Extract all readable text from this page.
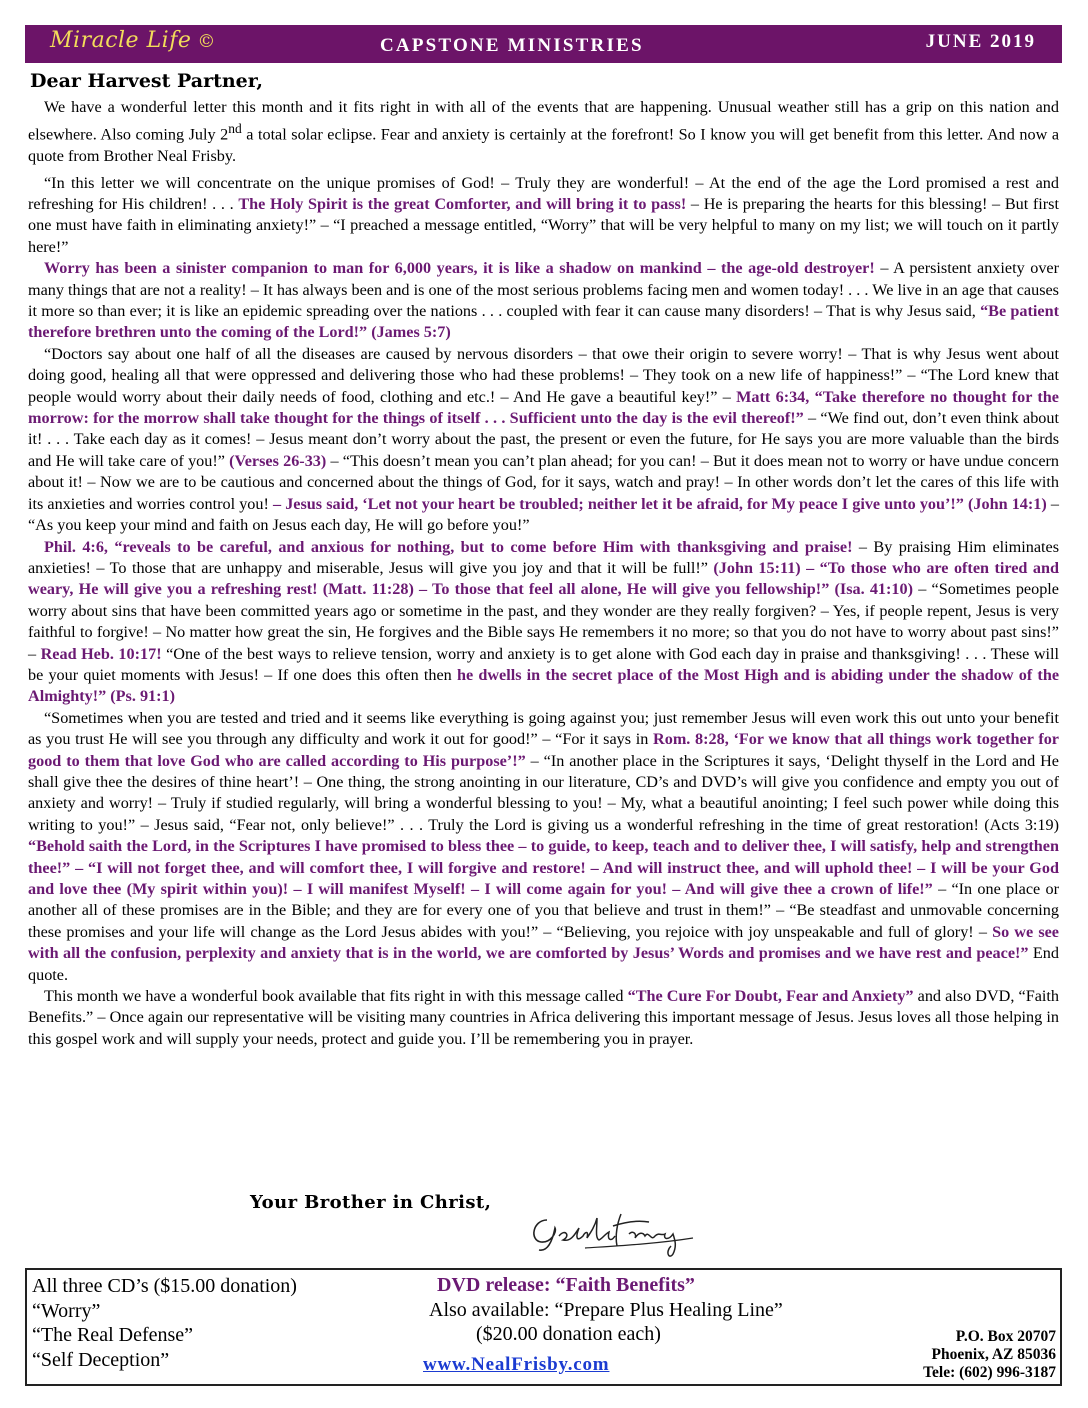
Miracle Life ©	CAPSTONE MINISTRIES	JUNE 2019
Dear Harvest Partner,

We have a wonderful letter this month and it fits right in with all of the events that are happening. Unusual weather still has a grip on this nation and elsewhere. Also coming July 2nd a total solar eclipse. Fear and anxiety is certainly at the forefront! So I know you will get benefit from this letter. And now a quote from Brother Neal Frisby.

“In this letter we will concentrate on the unique promises of God! – Truly they are wonderful! – At the end of the age the Lord promised a rest and refreshing for His children! . . . The Holy Spirit is the great Comforter, and will bring it to pass! – He is preparing the hearts for this blessing! – But first one must have faith in eliminating anxiety!” – “I preached a message entitled, “Worry” that will be very helpful to many on my list; we will touch on it partly here!”

Worry has been a sinister companion to man for 6,000 years, it is like a shadow on mankind – the age-old destroyer! – A persistent anxiety over many things that are not a reality! – It has always been and is one of the most serious problems facing men and women today! . . . We live in an age that causes it more so than ever; it is like an epidemic spreading over the nations . . . coupled with fear it can cause many disorders! – That is why Jesus said, “Be patient therefore brethren unto the coming of the Lord!” (James 5:7)

“Doctors say about one half of all the diseases are caused by nervous disorders – that owe their origin to severe worry! – That is why Jesus went about doing good, healing all that were oppressed and delivering those who had these problems! – They took on a new life of happiness!” – “The Lord knew that people would worry about their daily needs of food, clothing and etc.! – And He gave a beautiful key!” – Matt 6:34, “Take therefore no thought for the morrow: for the morrow shall take thought for the things of itself . . . Sufficient unto the day is the evil thereof!” – “We find out, don’t even think about it! . . . Take each day as it comes! – Jesus meant don’t worry about the past, the present or even the future, for He says you are more valuable than the birds and He will take care of you!” (Verses 26-33) – “This doesn’t mean you can’t plan ahead; for you can! – But it does mean not to worry or have undue concern about it! – Now we are to be cautious and concerned about the things of God, for it says, watch and pray! – In other words don’t let the cares of this life with its anxieties and worries control you! – Jesus said, ‘Let not your heart be troubled; neither let it be afraid, for My peace I give unto you’!” (John 14:1) – “As you keep your mind and faith on Jesus each day, He will go before you!”

Phil. 4:6, “reveals to be careful, and anxious for nothing, but to come before Him with thanksgiving and praise! – By praising Him eliminates anxieties! – To those that are unhappy and miserable, Jesus will give you joy and that it will be full!” (John 15:11) – “To those who are often tired and weary, He will give you a refreshing rest! (Matt. 11:28) – To those that feel all alone, He will give you fellowship!” (Isa. 41:10) – “Sometimes people worry about sins that have been committed years ago or sometime in the past, and they wonder are they really forgiven? – Yes, if people repent, Jesus is very faithful to forgive! – No matter how great the sin, He forgives and the Bible says He remembers it no more; so that you do not have to worry about past sins!” – Read Heb. 10:17! “One of the best ways to relieve tension, worry and anxiety is to get alone with God each day in praise and thanksgiving! . . . These will be your quiet moments with Jesus! – If one does this often then he dwells in the secret place of the Most High and is abiding under the shadow of the Almighty!” (Ps. 91:1)

“Sometimes when you are tested and tried and it seems like everything is going against you; just remember Jesus will even work this out unto your benefit as you trust He will see you through any difficulty and work it out for good!” – “For it says in Rom. 8:28, ‘For we know that all things work together for good to them that love God who are called according to His purpose’!” – “In another place in the Scriptures it says, ‘Delight thyself in the Lord and He shall give thee the desires of thine heart’! – One thing, the strong anointing in our literature, CD’s and DVD’s will give you confidence and empty you out of anxiety and worry! – Truly if studied regularly, will bring a wonderful blessing to you! – My, what a beautiful anointing; I feel such power while doing this writing to you!” – Jesus said, “Fear not, only believe!” . . . Truly the Lord is giving us a wonderful refreshing in the time of great restoration! (Acts 3:19) “Behold saith the Lord, in the Scriptures I have promised to bless thee – to guide, to keep, teach and to deliver thee, I will satisfy, help and strengthen thee!” – “I will not forget thee, and will comfort thee, I will forgive and restore! – And will instruct thee, and will uphold thee! – I will be your God and love thee (My spirit within you)! – I will manifest Myself! – I will come again for you! – And will give thee a crown of life!” – “In one place or another all of these promises are in the Bible; and they are for every one of you that believe and trust in them!” – “Be steadfast and unmovable concerning these promises and your life will change as the Lord Jesus abides with you!” – “Believing, you rejoice with joy unspeakable and full of glory! – So we see with all the confusion, perplexity and anxiety that is in the world, we are comforted by Jesus’ Words and promises and we have rest and peace!” End quote.

This month we have a wonderful book available that fits right in with this message called “The Cure For Doubt, Fear and Anxiety” and also DVD, “Faith Benefits.” – Once again our representative will be visiting many countries in Africa delivering this important message of Jesus. Jesus loves all those helping in this gospel work and will supply your needs, protect and guide you. I’ll be remembering you in prayer.

Your Brother in Christ,
All three CD’s ($15.00 donation)
“Worry”
“The Real Defense”
“Self Deception”
DVD release: “Faith Benefits”
Also available: “Prepare Plus Healing Line”
($20.00 donation each)
www.NealFrisby.com
P.O. Box 20707
Phoenix, AZ 85036
Tele: (602) 996-3187
